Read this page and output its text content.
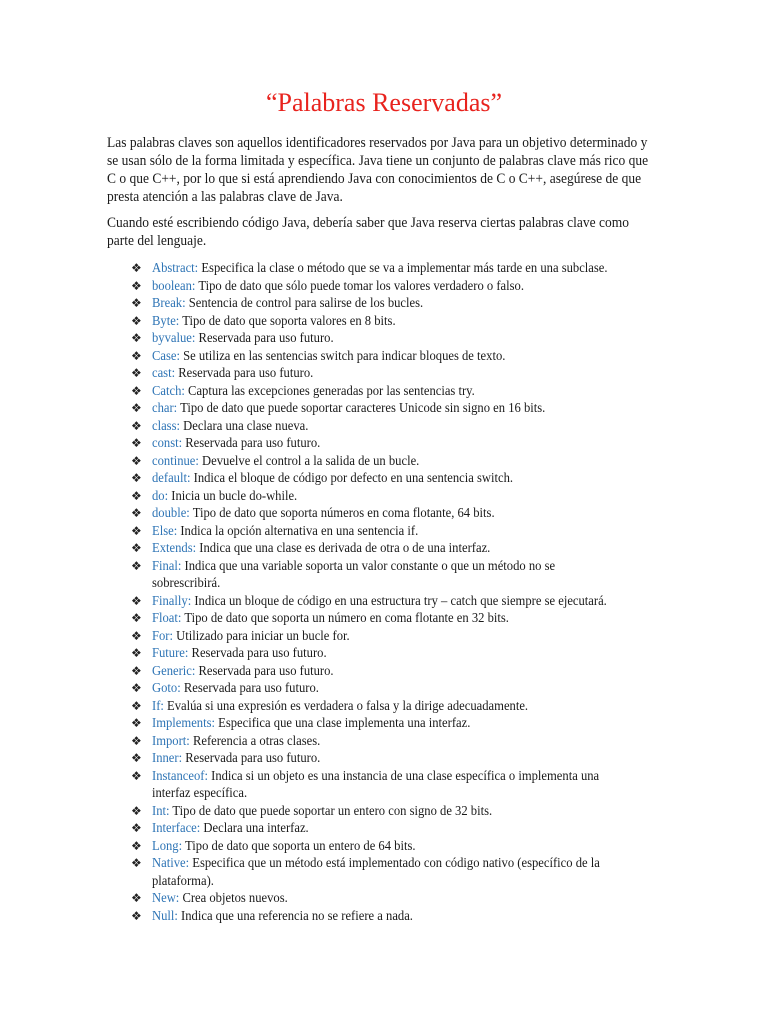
“Palabras Reservadas”

Las palabras claves son aquellos identificadores reservados por Java para un objetivo determinado y
se usan sólo de la forma limitada y específica. Java tiene un conjunto de palabras clave más rico que
C o que C++, por lo que si está aprendiendo Java con conocimientos de C o C++, asegúrese de que
presta atención a las palabras clave de Java.

Cuando esté escribiendo código Java, debería saber que Java reserva ciertas palabras clave como
parte del lenguaje.

❖ Abstract: Especifica la clase o método que se va a implementar más tarde en una subclase.
❖ boolean: Tipo de dato que sólo puede tomar los valores verdadero o falso.
❖ Break: Sentencia de control para salirse de los bucles.
❖ Byte: Tipo de dato que soporta valores en 8 bits.
❖ byvalue: Reservada para uso futuro.
❖ Case: Se utiliza en las sentencias switch para indicar bloques de texto.
❖ cast: Reservada para uso futuro.
❖ Catch: Captura las excepciones generadas por las sentencias try.
❖ char: Tipo de dato que puede soportar caracteres Unicode sin signo en 16 bits.
❖ class: Declara una clase nueva.
❖ const: Reservada para uso futuro.
❖ continue: Devuelve el control a la salida de un bucle.
❖ default: Indica el bloque de código por defecto en una sentencia switch.
❖ do: Inicia un bucle do-while.
❖ double: Tipo de dato que soporta números en coma flotante, 64 bits.
❖ Else: Indica la opción alternativa en una sentencia if.
❖ Extends: Indica que una clase es derivada de otra o de una interfaz.
❖ Final: Indica que una variable soporta un valor constante o que un método no se
sobrescribirá.
❖ Finally: Indica un bloque de código en una estructura try – catch que siempre se ejecutará.
❖ Float: Tipo de dato que soporta un número en coma flotante en 32 bits.
❖ For: Utilizado para iniciar un bucle for.
❖ Future: Reservada para uso futuro.
❖ Generic: Reservada para uso futuro.
❖ Goto: Reservada para uso futuro.
❖ If: Evalúa si una expresión es verdadera o falsa y la dirige adecuadamente.
❖ Implements: Especifica que una clase implementa una interfaz.
❖ Import: Referencia a otras clases.
❖ Inner: Reservada para uso futuro.
❖ Instanceof: Indica si un objeto es una instancia de una clase específica o implementa una
interfaz específica.
❖ Int: Tipo de dato que puede soportar un entero con signo de 32 bits.
❖ Interface: Declara una interfaz.
❖ Long: Tipo de dato que soporta un entero de 64 bits.
❖ Native: Especifica que un método está implementado con código nativo (específico de la
plataforma).
❖ New: Crea objetos nuevos.
❖ Null: Indica que una referencia no se refiere a nada.
